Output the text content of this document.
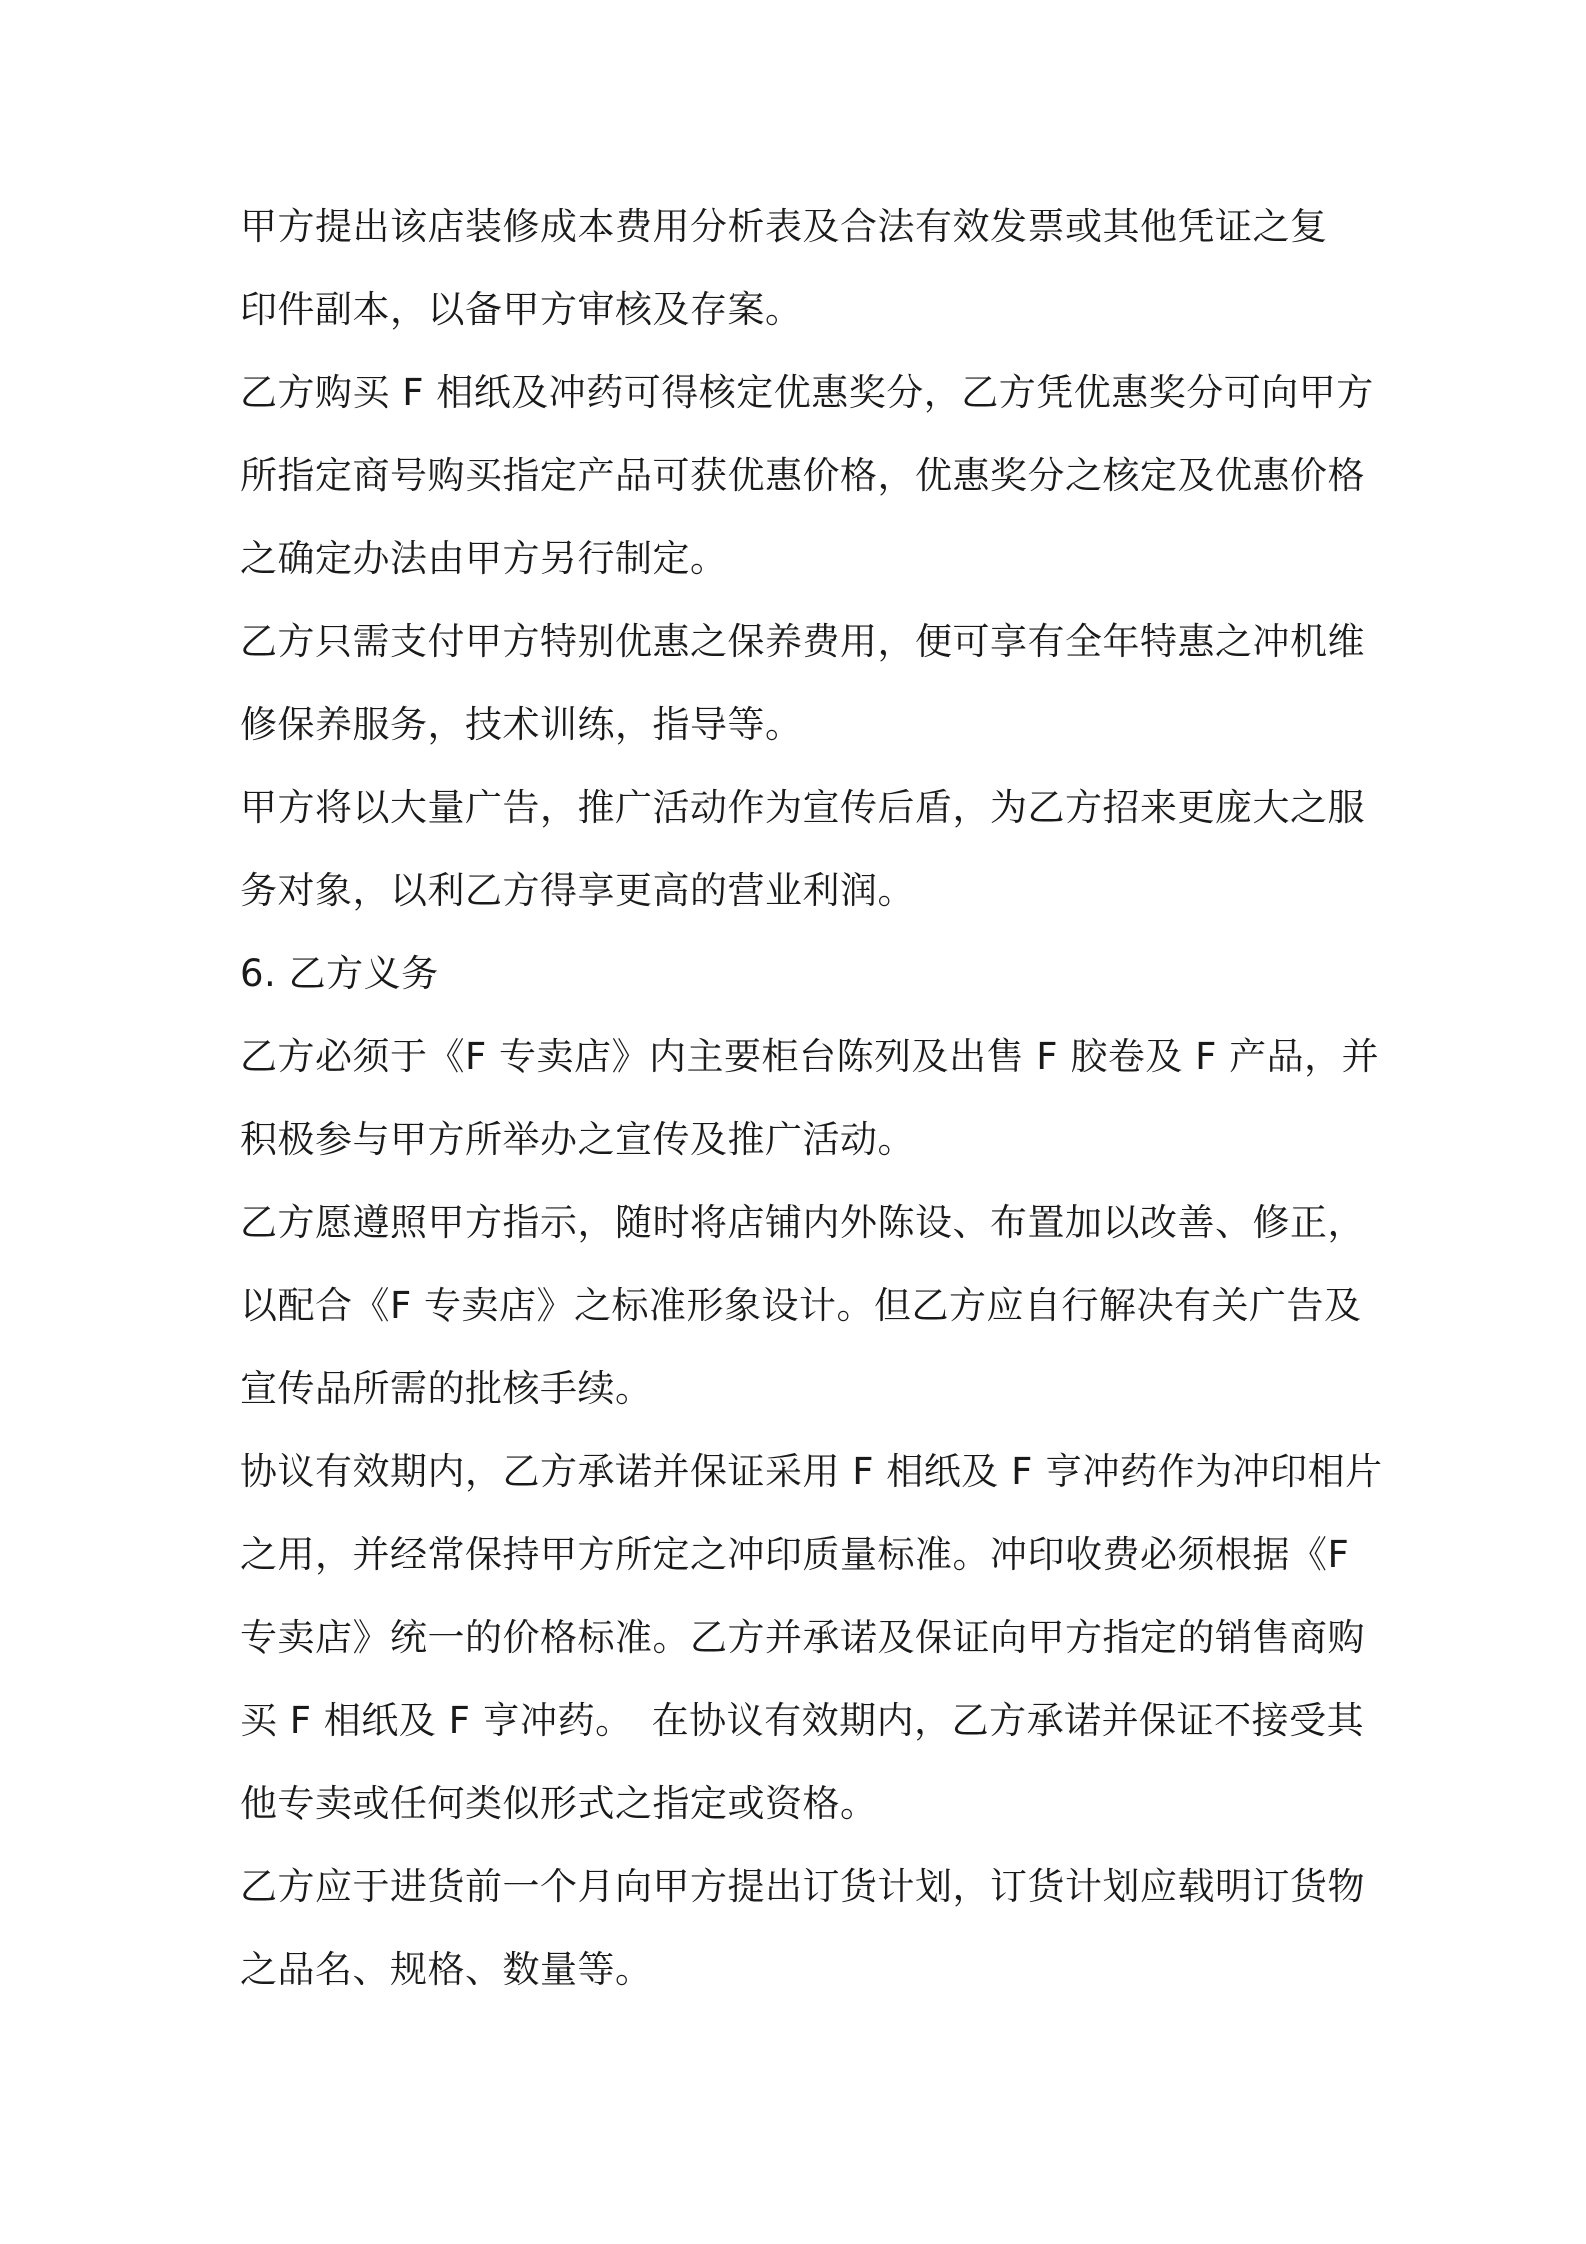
甲方提出该店装修成本费用分析表及合法有效发票或其他凭证之复
印件副本，以备甲方审核及存案。

乙方购买 F 相纸及冲药可得核定优惠奖分，乙方凭优惠奖分可向甲方
所指定商号购买指定产品可获优惠价格，优惠奖分之核定及优惠价格
之确定办法由甲方另行制定。

乙方只需支付甲方特别优惠之保养费用，便可享有全年特惠之冲机维
修保养服务，技术训练，指导等。

甲方将以大量广告，推广活动作为宣传后盾，为乙方招来更庞大之服
务对象，以利乙方得享更高的营业利润。

6. 乙方义务

乙方必须于《F 专卖店》内主要柜台陈列及出售 F 胶卷及 F 产品，并
积极参与甲方所举办之宣传及推广活动。

乙方愿遵照甲方指示，随时将店铺内外陈设、布置加以改善、修正，
以配合《F 专卖店》之标准形象设计。但乙方应自行解决有关广告及
宣传品所需的批核手续。

协议有效期内，乙方承诺并保证采用 F 相纸及 F 亨冲药作为冲印相片
之用，并经常保持甲方所定之冲印质量标准。冲印收费必须根据《F
专卖店》统一的价格标准。乙方并承诺及保证向甲方指定的销售商购
买 F 相纸及 F 亨冲药。　在协议有效期内，乙方承诺并保证不接受其
他专卖或任何类似形式之指定或资格。

乙方应于进货前一个月向甲方提出订货计划，订货计划应载明订货物
之品名、规格、数量等。
